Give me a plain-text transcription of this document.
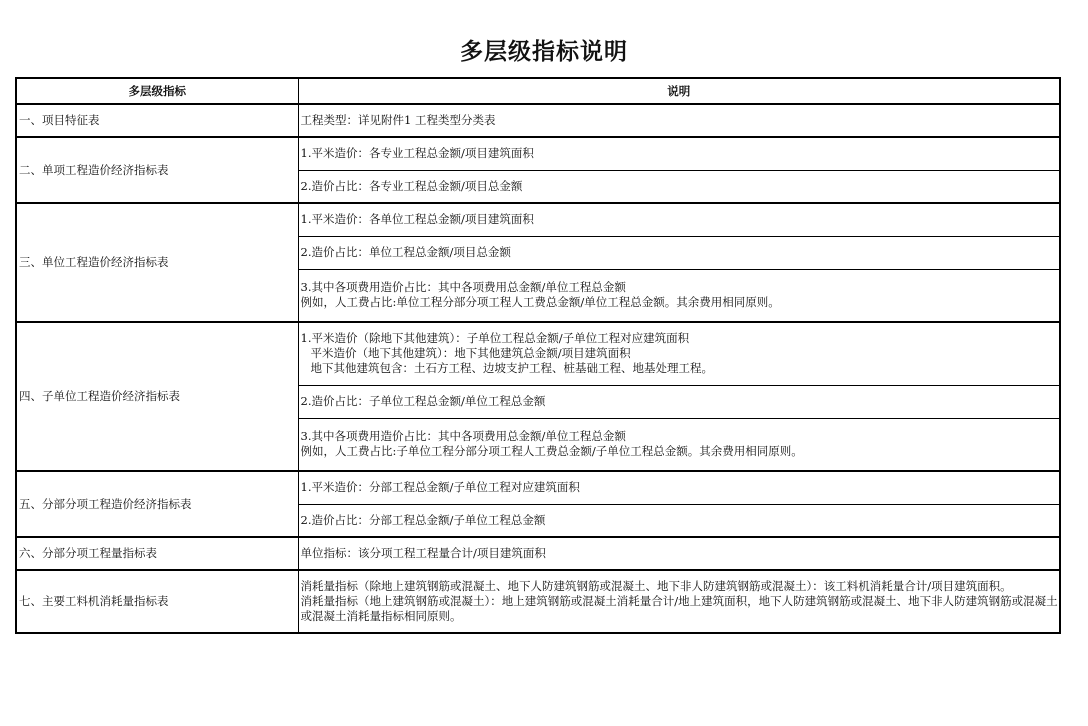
多层级指标说明
多层级指标	说明
一、项目特征表	工程类型：详见附件1 工程类型分类表

二、单项工程造价经济指标表	1.平米造价：各专业工程总金额/项目建筑面积

	2.造价占比：各专业工程总金额/项目总金额

三、单位工程造价经济指标表	1.平米造价：各单位工程总金额/项目建筑面积

	2.造价占比：单位工程总金额/项目总金额

	3.其中各项费用造价占比：其中各项费用总金额/单位工程总金额
例如，人工费占比:单位工程分部分项工程人工费总金额/单位工程总金额。其余费用相同原则。

四、子单位工程造价经济指标表	1.平米造价（除地下其他建筑）：子单位工程总金额/子单位工程对应建筑面积
平米造价（地下其他建筑）：地下其他建筑总金额/项目建筑面积
地下其他建筑包含：土石方工程、边坡支护工程、桩基础工程、地基处理工程。

	2.造价占比：子单位工程总金额/单位工程总金额

	3.其中各项费用造价占比：其中各项费用总金额/单位工程总金额
例如，人工费占比:子单位工程分部分项工程人工费总金额/子单位工程总金额。其余费用相同原则。

五、分部分项工程造价经济指标表	1.平米造价：分部工程总金额/子单位工程对应建筑面积

	2.造价占比：分部工程总金额/子单位工程总金额

六、分部分项工程量指标表	单位指标：该分项工程工程量合计/项目建筑面积

七、主要工料机消耗量指标表	消耗量指标（除地上建筑钢筋或混凝土、地下人防建筑钢筋或混凝土、地下非人防建筑钢筋或混凝土）：该工料机消耗量合计/项目建筑面积。
消耗量指标（地上建筑钢筋或混凝土）：地上建筑钢筋或混凝土消耗量合计/地上建筑面积，地下人防建筑钢筋或混凝土、地下非人防建筑钢筋或混凝土
或混凝土消耗量指标相同原则。
